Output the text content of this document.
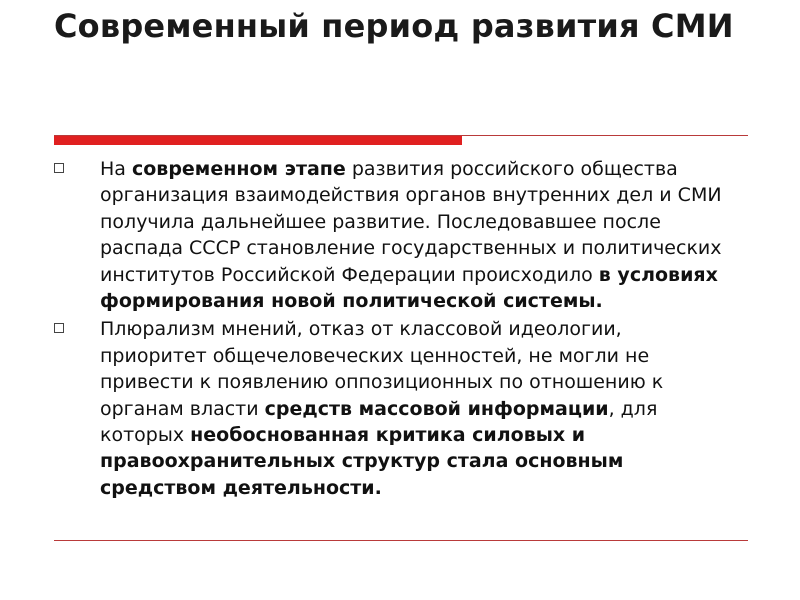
Современный период развития СМИ
На современном этапе развития российского общества организация взаимодействия органов внутренних дел и СМИ получила дальнейшее развитие. Последовавшее после распада СССР становление государственных и политических институтов Российской Федерации происходило в условиях формирования новой политической системы.
Плюрализм мнений, отказ от классовой идеологии, приоритет общечеловеческих ценностей, не могли не привести к появлению оппозиционных по отношению к органам власти средств массовой информации, для которых необоснованная критика силовых и правоохранительных структур стала основным средством деятельности.
